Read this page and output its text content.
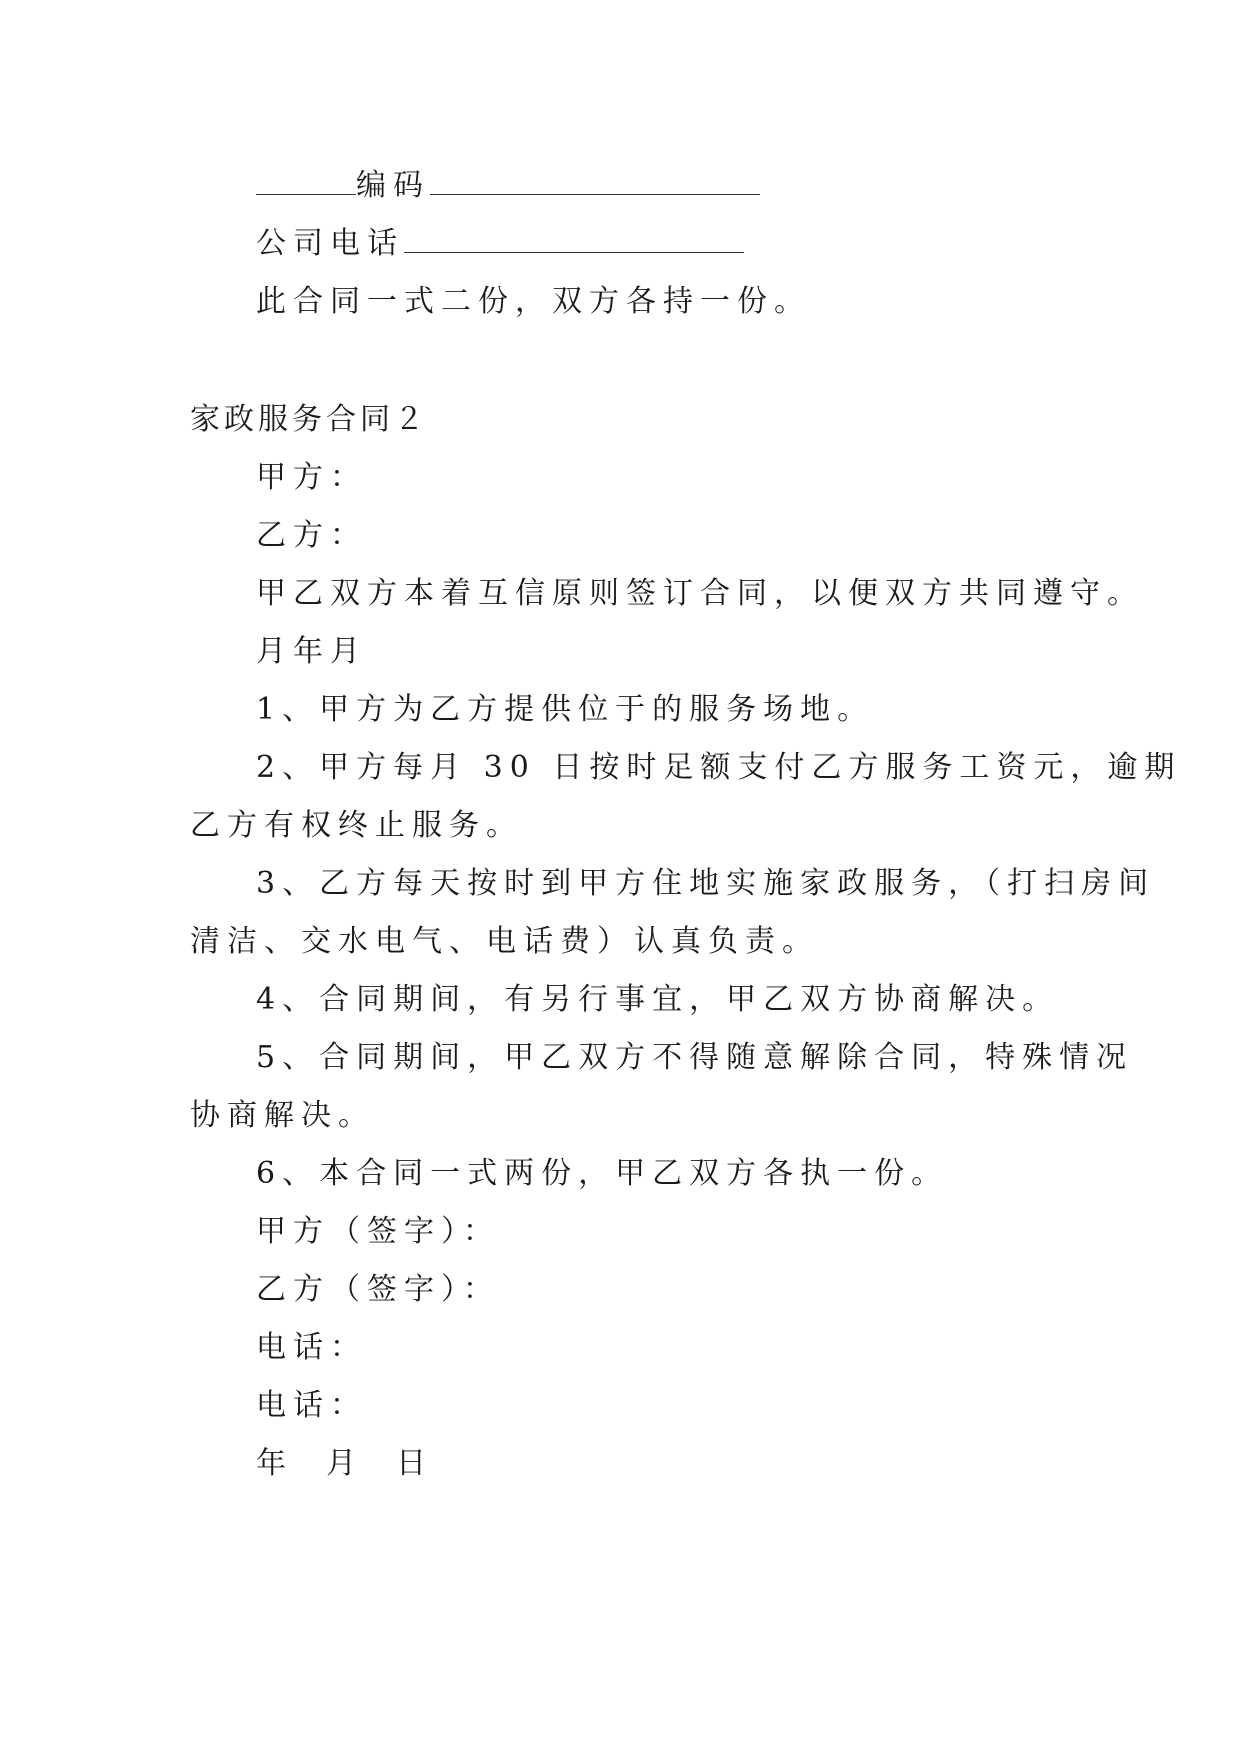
编码
公司电话
此合同一式二份，双方各持一份。
家政服务合同２
甲方：
乙方：
甲乙双方本着互信原则签订合同，以便双方共同遵守。
月年月
1、甲方为乙方提供位于的服务场地。
2、甲方每月 30 日按时足额支付乙方服务工资元，逾期
乙方有权终止服务。
3、乙方每天按时到甲方住地实施家政服务，（打扫房间
清洁、交水电气、电话费）认真负责。
4、合同期间，有另行事宜，甲乙双方协商解决。
5、合同期间，甲乙双方不得随意解除合同，特殊情况
协商解决。
6、本合同一式两份，甲乙双方各执一份。
甲方（签字）：
乙方（签字）：
电话：
电话：
年  月  日
